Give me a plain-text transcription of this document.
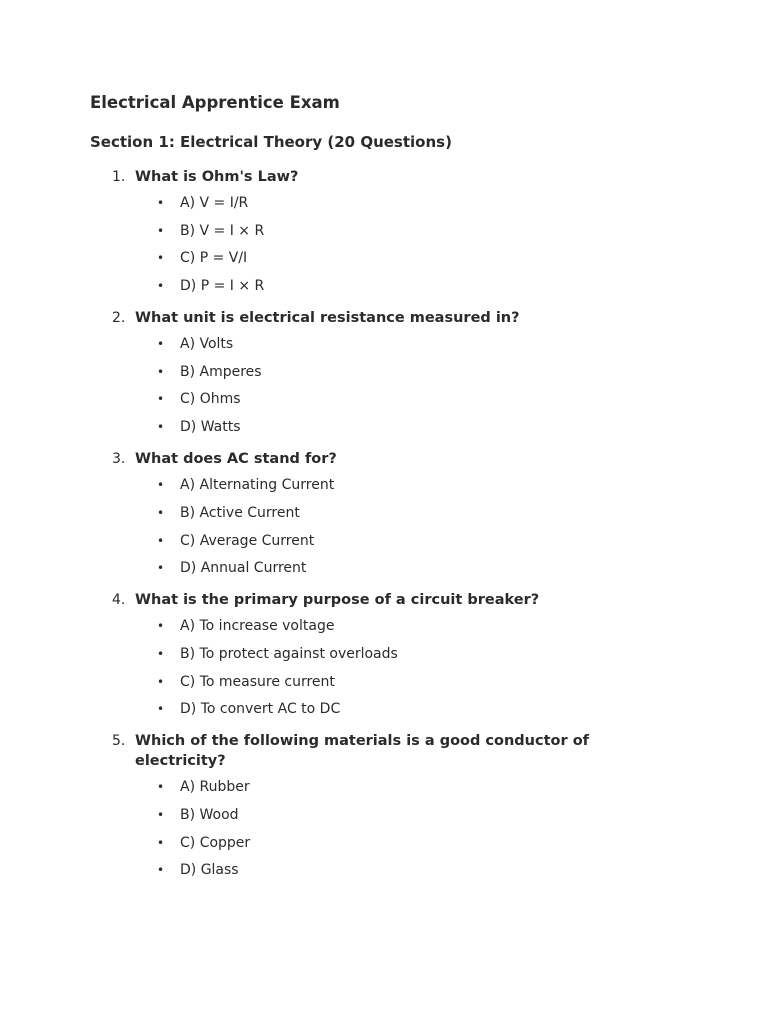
Electrical Apprentice Exam
Section 1: Electrical Theory (20 Questions)
1. What is Ohm's Law?
• A) V = I/R
• B) V = I × R
• C) P = V/I
• D) P = I × R
2. What unit is electrical resistance measured in?
• A) Volts
• B) Amperes
• C) Ohms
• D) Watts
3. What does AC stand for?
• A) Alternating Current
• B) Active Current
• C) Average Current
• D) Annual Current
4. What is the primary purpose of a circuit breaker?
• A) To increase voltage
• B) To protect against overloads
• C) To measure current
• D) To convert AC to DC
5. Which of the following materials is a good conductor of electricity?
• A) Rubber
• B) Wood
• C) Copper
• D) Glass
